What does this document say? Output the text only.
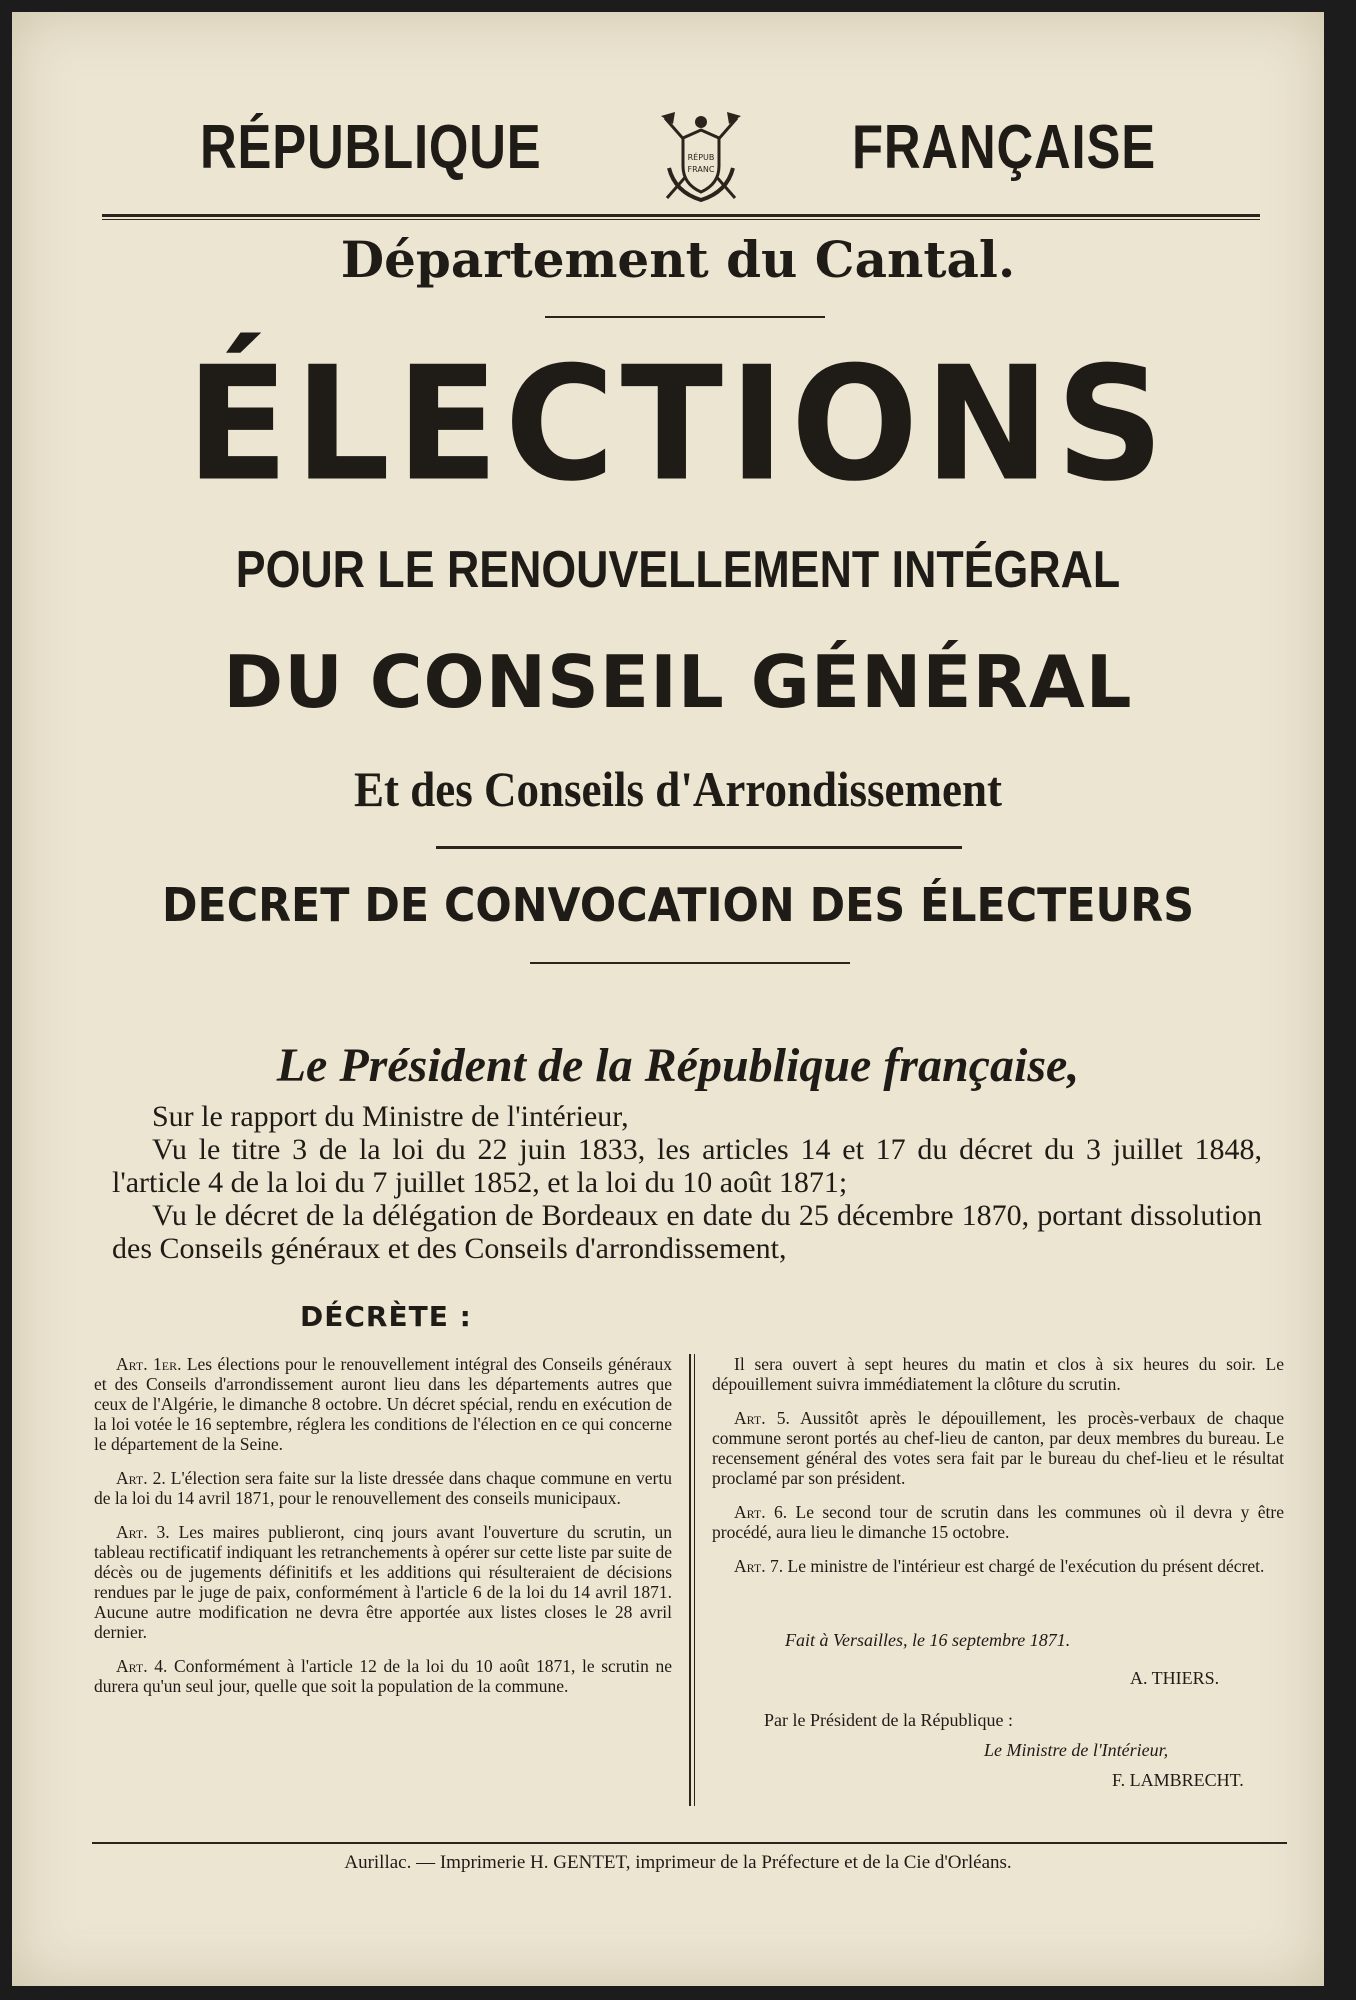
RÉPUBLIQUE	FRANÇAISE
RÉPUB
FRANC
Département du Cantal.
ÉLECTIONS
POUR LE RENOUVELLEMENT INTÉGRAL
DU CONSEIL GÉNÉRAL
Et des Conseils d'Arrondissement
DECRET DE CONVOCATION DES ÉLECTEURS
Le Président de la République française,

Sur le rapport du Ministre de l'intérieur,

Vu le titre 3 de la loi du 22 juin 1833, les articles 14 et 17 du décret du 3 juillet 1848, l'article 4 de la loi du 7 juillet 1852, et la loi du 10 août 1871;

Vu le décret de la délégation de Bordeaux en date du 25 décembre 1870, portant dissolution des Conseils généraux et des Conseils d'arrondissement,

DÉCRÈTE :

Art. 1er. Les élections pour le renouvellement intégral des Conseils généraux et des Conseils d'arrondissement auront lieu dans les départements autres que ceux de l'Algérie, le dimanche 8 octobre. Un décret spécial, rendu en exécution de la loi votée le 16 septembre, réglera les conditions de l'élection en ce qui concerne le département de la Seine.

Art. 2. L'élection sera faite sur la liste dressée dans chaque commune en vertu de la loi du 14 avril 1871, pour le renouvellement des conseils municipaux.

Art. 3. Les maires publieront, cinq jours avant l'ouverture du scrutin, un tableau rectificatif indiquant les retranchements à opérer sur cette liste par suite de décès ou de jugements définitifs et les additions qui résulteraient de décisions rendues par le juge de paix, conformément à l'article 6 de la loi du 14 avril 1871. Aucune autre modification ne devra être apportée aux listes closes le 28 avril dernier.

Art. 4. Conformément à l'article 12 de la loi du 10 août 1871, le scrutin ne durera qu'un seul jour, quelle que soit la population de la commune.

Il sera ouvert à sept heures du matin et clos à six heures du soir. Le dépouillement suivra immédiatement la clôture du scrutin.

Art. 5. Aussitôt après le dépouillement, les procès-verbaux de chaque commune seront portés au chef-lieu de canton, par deux membres du bureau. Le recensement général des votes sera fait par le bureau du chef-lieu et le résultat proclamé par son président.

Art. 6. Le second tour de scrutin dans les communes où il devra y être procédé, aura lieu le dimanche 15 octobre.

Art. 7. Le ministre de l'intérieur est chargé de l'exécution du présent décret.

Fait à Versailles, le 16 septembre 1871.
A. THIERS.
Par le Président de la République :
Le Ministre de l'Intérieur,
F. LAMBRECHT.
Aurillac. — Imprimerie H. GENTET, imprimeur de la Préfecture et de la Cie d'Orléans.
